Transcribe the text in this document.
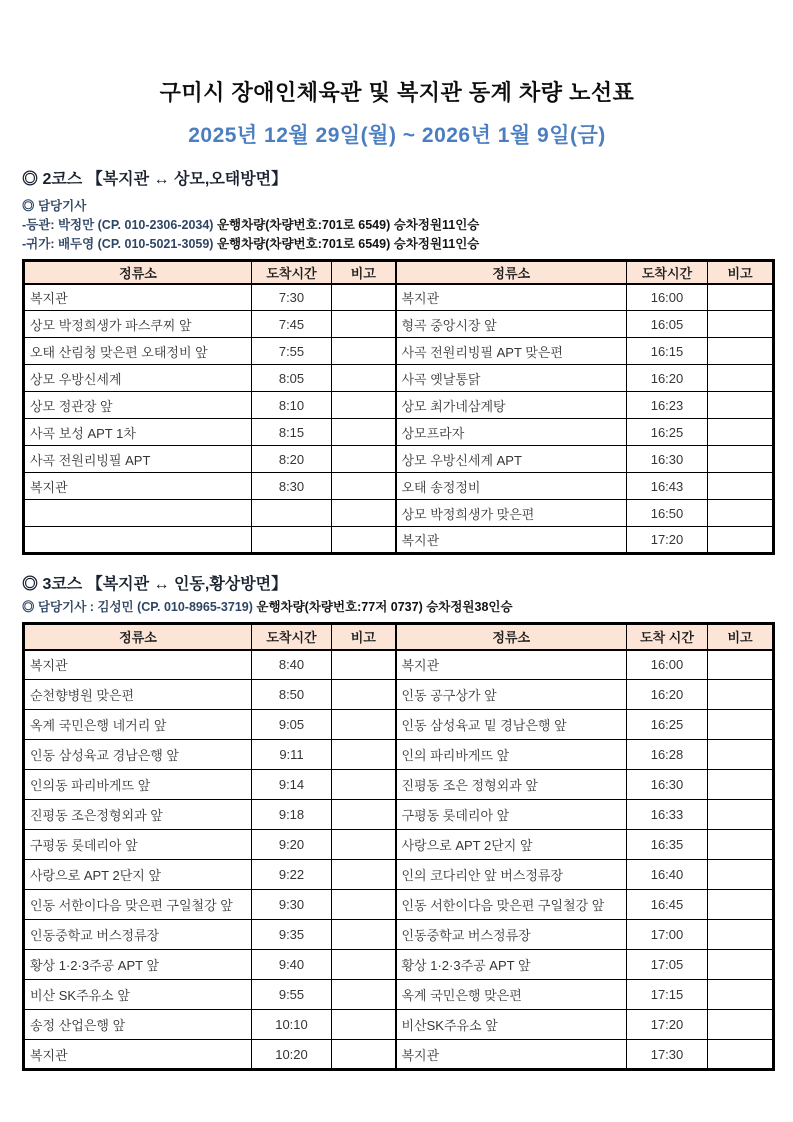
구미시 장애인체육관 및 복지관 동계 차량 노선표
2025년 12월 29일(월) ~ 2026년 1월 9일(금)
◎ 2코스 【복지관 ↔ 상모,오태방면】
◎ 담당기사
-등관: 박정만 (CP. 010-2306-2034) 운행차량(차량번호:701로 6549) 승차정원11인승
-귀가: 배두영 (CP. 010-5021-3059) 운행차량(차량번호:701로 6549) 승차정원11인승
정류소	도착시간	비고	정류소	도착시간	비고
복지관	7:30		복지관	16:00	
상모 박정희생가 파스쿠찌 앞	7:45		형곡 중앙시장 앞	16:05	
오태 산림청 맞은편 오태정비 앞	7:55		사곡 전원리빙필 APT 맞은편	16:15	
상모 우방신세계	8:05		사곡 옛날통닭	16:20	
상모 정관장 앞	8:10		상모 최가네삼계탕	16:23	
사곡 보성 APT 1차	8:15		상모프라자	16:25	
사곡 전원리빙필 APT	8:20		상모 우방신세계 APT	16:30	
복지관	8:30		오태 송정정비	16:43	
			상모 박정희생가 맞은편	16:50	
			복지관	17:20	
◎ 3코스 【복지관 ↔ 인동,황상방면】
◎ 담당기사 : 김성민 (CP. 010-8965-3719) 운행차량(차량번호:77저 0737) 승차정원38인승
정류소	도착시간	비고	정류소	도착 시간	비고
복지관	8:40		복지관	16:00	
순천향병원 맞은편	8:50		인동 공구상가 앞	16:20	
옥계 국민은행 네거리 앞	9:05		인동 삼성육교 밑 경남은행 앞	16:25	
인동 삼성육교 경남은행 앞	9:11		인의 파리바게뜨 앞	16:28	
인의동 파리바게뜨 앞	9:14		진평동 조은 정형외과 앞	16:30	
진평동 조은정형외과 앞	9:18		구평동 롯데리아 앞	16:33	
구평동 롯데리아 앞	9:20		사랑으로 APT 2단지 앞	16:35	
사랑으로 APT 2단지 앞	9:22		인의 코다리안 앞 버스정류장	16:40	
인동 서한이다음 맞은편 구일철강 앞	9:30		인동 서한이다음 맞은편 구일철강 앞	16:45	
인동중학교 버스정류장	9:35		인동중학교 버스정류장	17:00	
황상 1·2·3주공 APT 앞	9:40		황상 1·2·3주공 APT 앞	17:05	
비산 SK주유소 앞	9:55		옥계 국민은행 맞은편	17:15	
송정 산업은행 앞	10:10		비산SK주유소 앞	17:20	
복지관	10:20		복지관	17:30	
